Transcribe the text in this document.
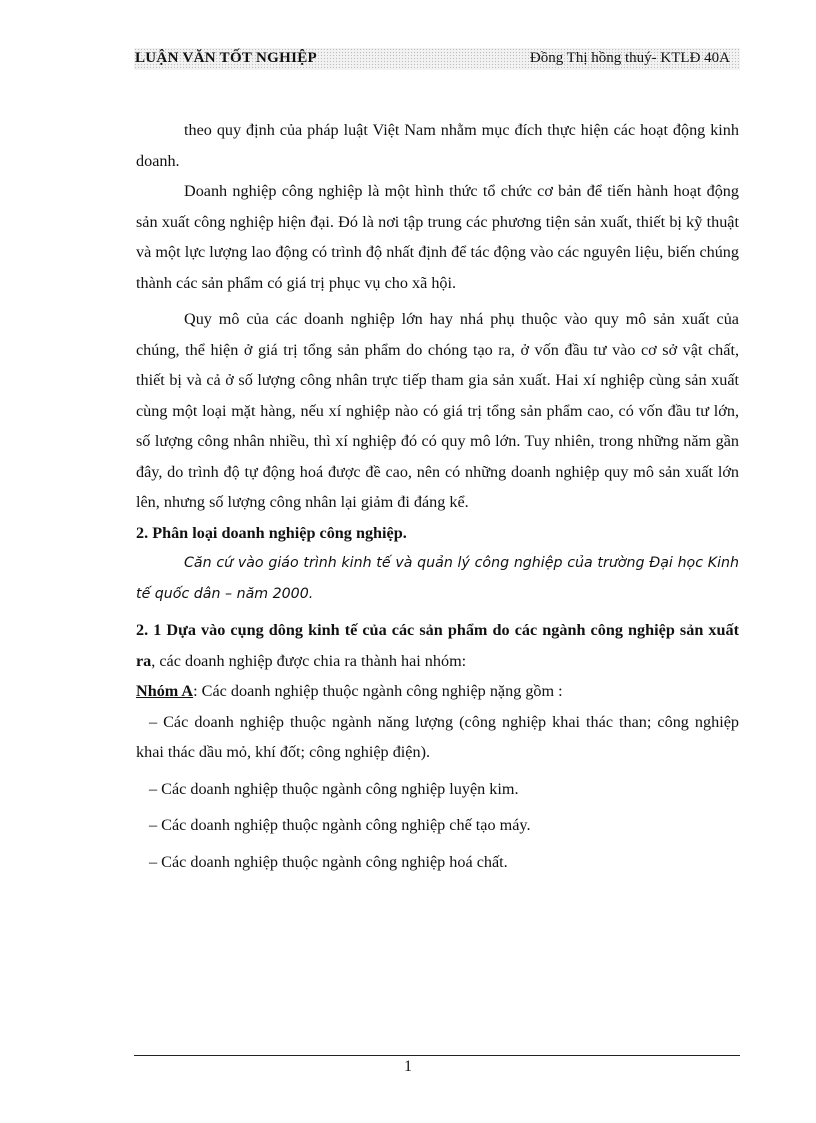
LUẬN VĂN TỐT NGHIỆP	Đồng Thị hồng thuý- KTLĐ 40A

theo quy định của pháp luật Việt Nam nhằm mục đích thực hiện các hoạt động kinh doanh.

Doanh nghiệp công nghiệp là một hình thức tổ chức cơ bản để tiến hành hoạt động sản xuất công nghiệp hiện đại. Đó là nơi tập trung các phương tiện sản xuất, thiết bị kỹ thuật và một lực lượng lao động có trình độ nhất định để tác động vào các nguyên liệu, biến chúng thành các sản phẩm có giá trị phục vụ cho xã hội.

Quy mô của các doanh nghiệp lớn hay nhá phụ thuộc vào quy mô sản xuất của chúng, thể hiện ở giá trị tổng sản phẩm do chóng tạo ra, ở vốn đầu tư vào cơ sở vật chất, thiết bị và cả ở số lượng công nhân trực tiếp tham gia sản xuất. Hai xí nghiệp cùng sản xuất cùng một loại mặt hàng, nếu xí nghiệp nào có giá trị tổng sản phẩm cao, có vốn đầu tư lớn, số lượng công nhân nhiều, thì xí nghiệp đó có quy mô lớn. Tuy nhiên, trong những năm gần đây, do trình độ tự động hoá được đề cao, nên có những doanh nghiệp quy mô sản xuất lớn lên, nhưng số lượng công nhân lại giảm đi đáng kể.

2. Phân loại doanh nghiệp công nghiệp.

Căn cứ vào giáo trình kinh tế và quản lý công nghiệp của trường Đại học Kinh tế quốc dân – năm 2000.

2. 1 Dựa vào cụng dông kinh tế của các sản phẩm do các ngành công nghiệp sản xuất ra, các doanh nghiệp được chia ra thành hai nhóm:

Nhóm A: Các doanh nghiệp thuộc ngành công nghiệp nặng gồm :

– Các doanh nghiệp thuộc ngành năng lượng (công nghiệp khai thác than; công nghiệp khai thác dầu mỏ, khí đốt; công nghiệp điện).

– Các doanh nghiệp thuộc ngành công nghiệp luyện kim.

– Các doanh nghiệp thuộc ngành công nghiệp chế tạo máy.

– Các doanh nghiệp thuộc ngành công nghiệp hoá chất.

1
